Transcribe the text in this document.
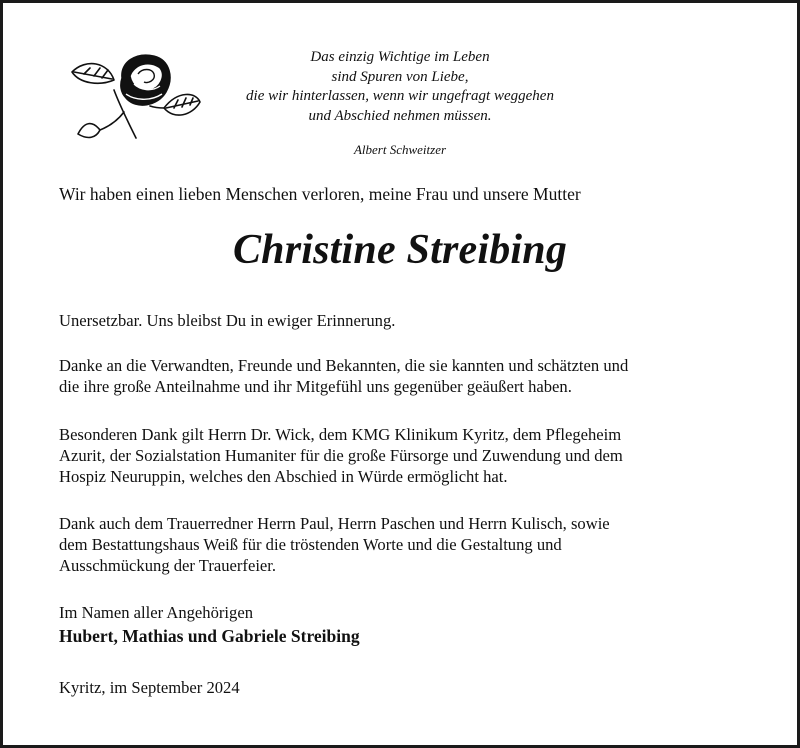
Das einzig Wichtige im Leben
sind Spuren von Liebe,
die wir hinterlassen, wenn wir ungefragt weggehen
und Abschied nehmen müssen.
Albert Schweitzer
Wir haben einen lieben Menschen verloren, meine Frau und unsere Mutter
Christine Streibing
Unersetzbar. Uns bleibst Du in ewiger Erinnerung.
Danke an die Verwandten, Freunde und Bekannten, die sie kannten und schätzten und
die ihre große Anteilnahme und ihr Mitgefühl uns gegenüber geäußert haben.
Besonderen Dank gilt Herrn Dr. Wick, dem KMG Klinikum Kyritz, dem Pflegeheim
Azurit, der Sozialstation Humaniter für die große Fürsorge und Zuwendung und dem
Hospiz Neuruppin, welches den Abschied in Würde ermöglicht hat.
Dank auch dem Trauerredner Herrn Paul, Herrn Paschen und Herrn Kulisch, sowie
dem Bestattungshaus Weiß für die tröstenden Worte und die Gestaltung und
Ausschmückung der Trauerfeier.
Im Namen aller Angehörigen
Hubert, Mathias und Gabriele Streibing
Kyritz, im September 2024
